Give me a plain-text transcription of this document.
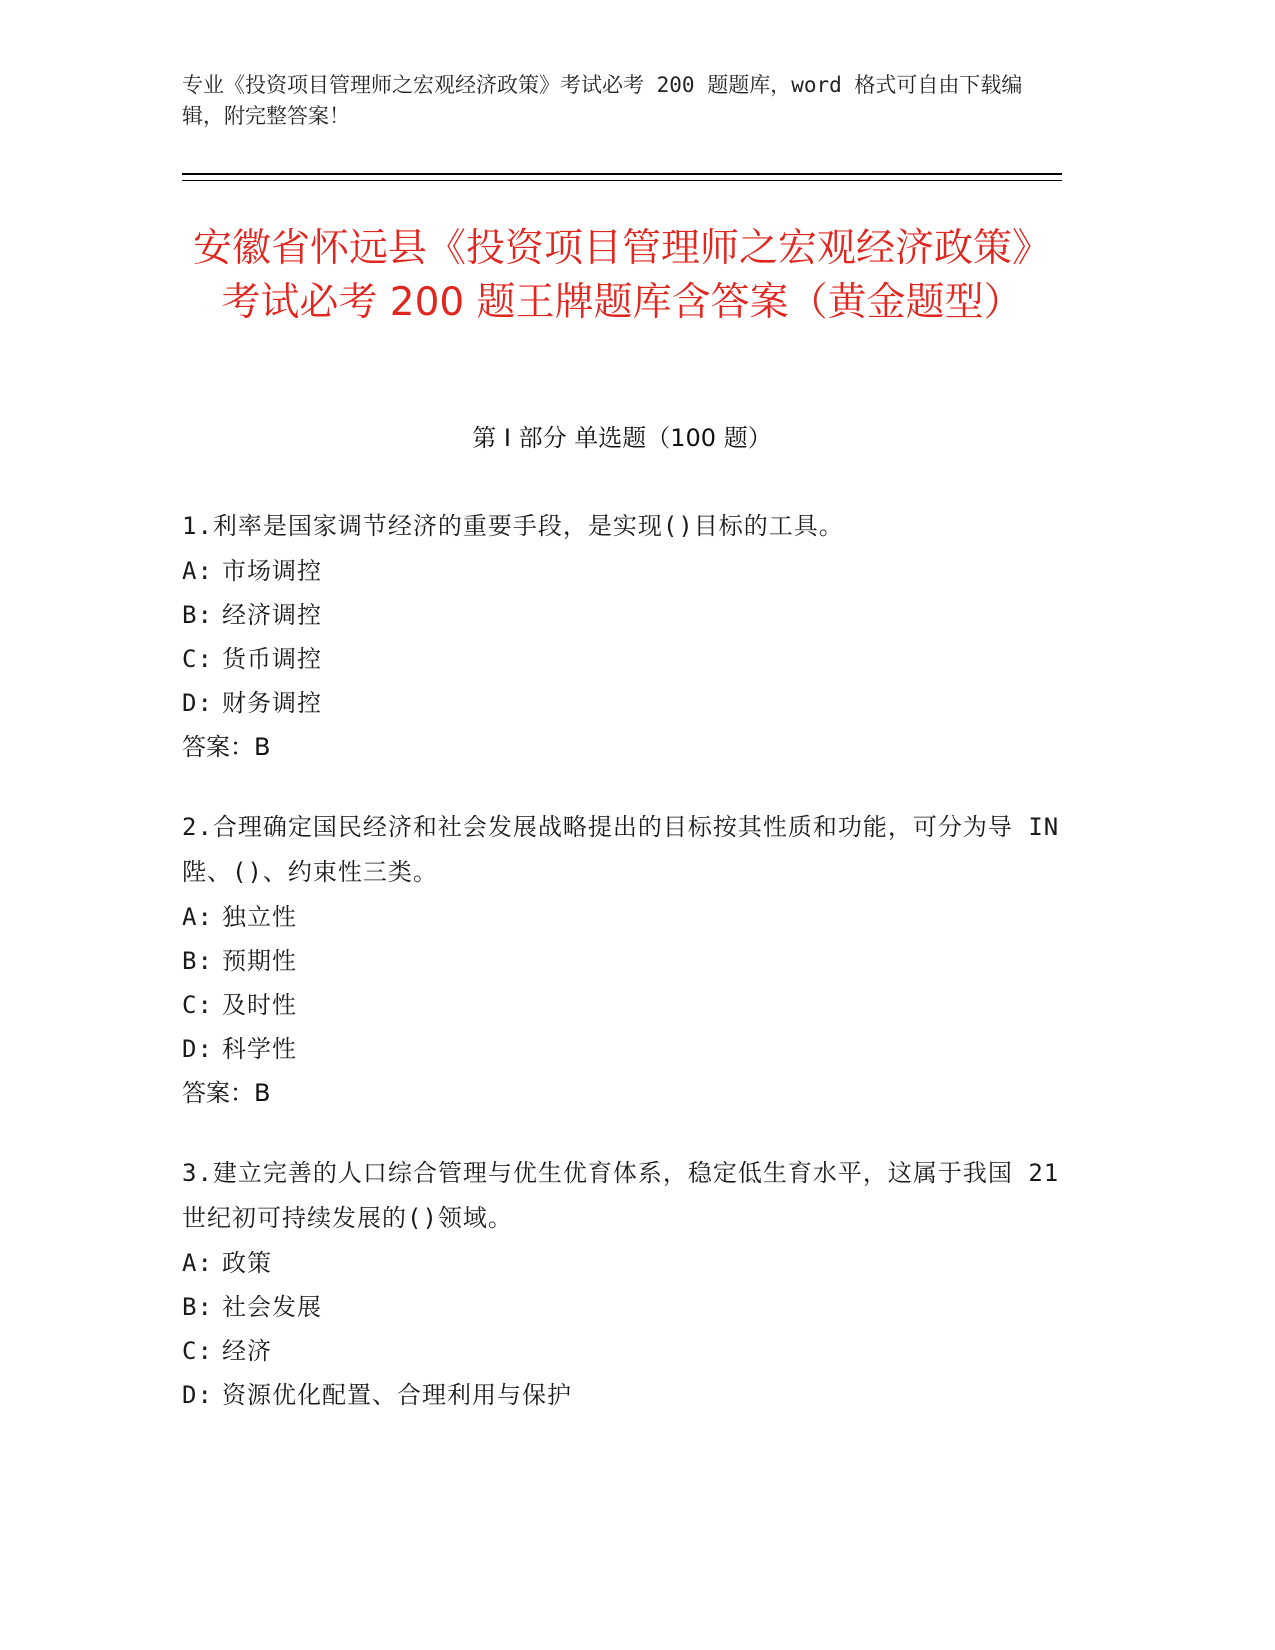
专业《投资项目管理师之宏观经济政策》考试必考 200 题题库，word 格式可自由下载编辑，附完整答案！

安徽省怀远县《投资项目管理师之宏观经济政策》考试必考 200 题王牌题库含答案（黄金题型）
第 I 部分 单选题（100 题）

1.利率是国家调节经济的重要手段，是实现()目标的工具。

A: 市场调控

B: 经济调控

C: 货币调控

D: 财务调控

答案：B

2.合理确定国民经济和社会发展战略提出的目标按其性质和功能，可分为导 IN 陛、()、约束性三类。

A: 独立性

B: 预期性

C: 及时性

D: 科学性

答案：B

3.建立完善的人口综合管理与优生优育体系，稳定低生育水平，这属于我国 21 世纪初可持续发展的()领域。

A: 政策

B: 社会发展

C: 经济

D: 资源优化配置、合理利用与保护
